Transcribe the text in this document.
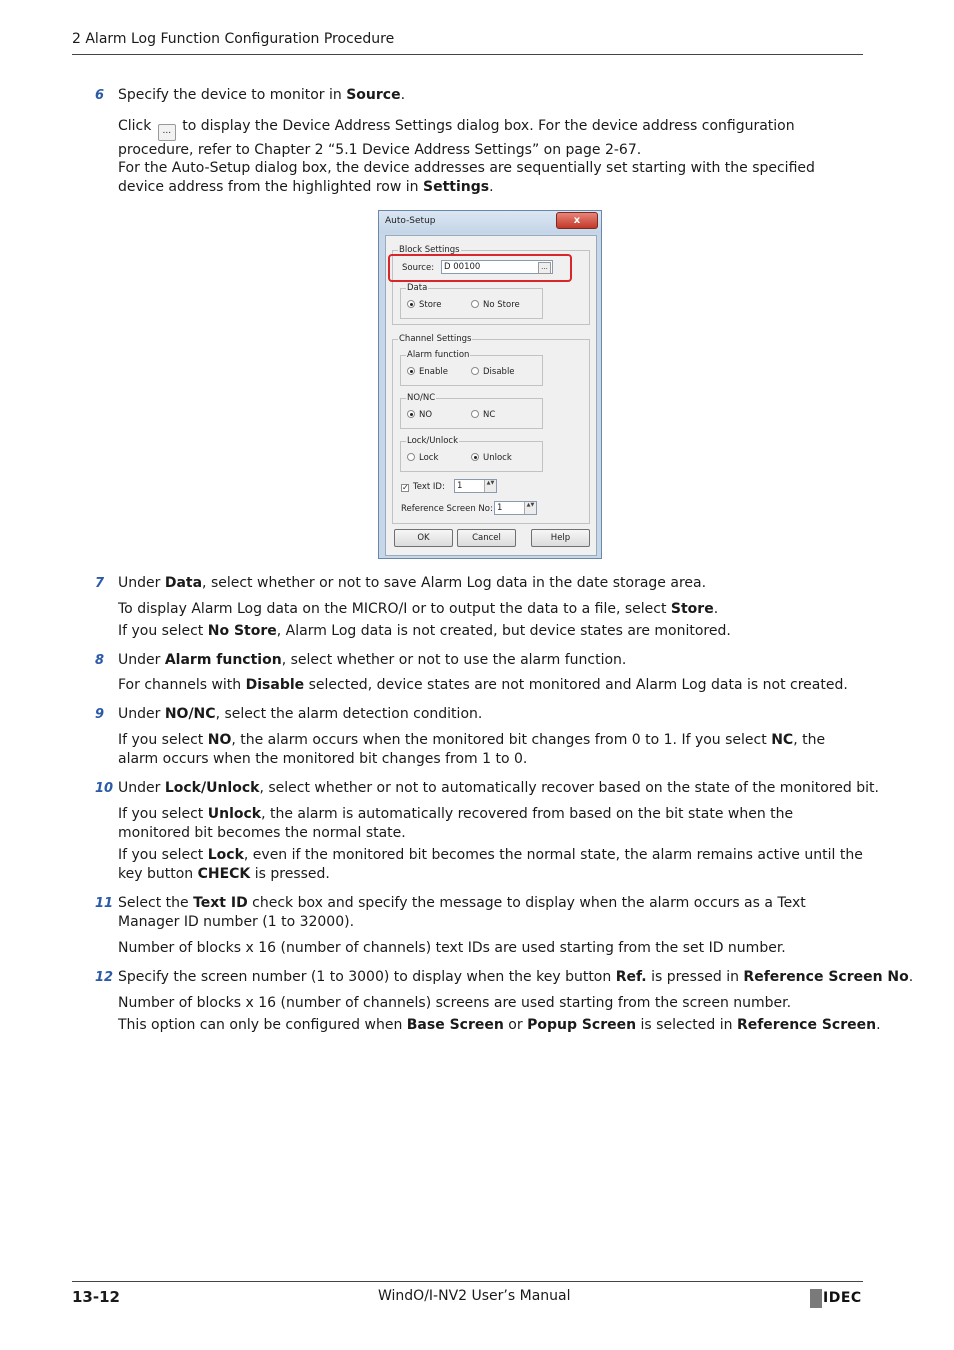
2 Alarm Log Function Configuration Procedure
13-12	WindO/I-NV2 User’s Manual	IDEC
6 Specify the device to monitor in Source.
Click ... to display the Device Address Settings dialog box. For the device address configuration procedure, refer to Chapter 2 “5.1 Device Address Settings” on page 2-67.
For the Auto-Setup dialog box, the device addresses are sequentially set starting with the specified device address from the highlighted row in Settings.
Auto-Setup	x
Block Settings
Source:	D 00100	...
Data
Store	No Store
Channel Settings
Alarm function
Enable	Disable
NO/NC
NO	NC
Lock/Unlock
Lock	Unlock
✓ Text ID:	1	▲▼
Reference Screen No: 1	▲▼
OK	Cancel	Help
7 Under Data, select whether or not to save Alarm Log data in the date storage area.
To display Alarm Log data on the MICRO/I or to output the data to a file, select Store.
If you select No Store, Alarm Log data is not created, but device states are monitored.
8 Under Alarm function, select whether or not to use the alarm function.
For channels with Disable selected, device states are not monitored and Alarm Log data is not created.
9 Under NO/NC, select the alarm detection condition.
If you select NO, the alarm occurs when the monitored bit changes from 0 to 1. If you select NC, the alarm occurs when the monitored bit changes from 1 to 0.
10 Under Lock/Unlock, select whether or not to automatically recover based on the state of the monitored bit.
If you select Unlock, the alarm is automatically recovered from based on the bit state when the monitored bit becomes the normal state.
If you select Lock, even if the monitored bit becomes the normal state, the alarm remains active until the key button CHECK is pressed.
11 Select the Text ID check box and specify the message to display when the alarm occurs as a Text Manager ID number (1 to 32000).
Number of blocks x 16 (number of channels) text IDs are used starting from the set ID number.
12 Specify the screen number (1 to 3000) to display when the key button Ref. is pressed in Reference Screen No.
Number of blocks x 16 (number of channels) screens are used starting from the screen number.
This option can only be configured when Base Screen or Popup Screen is selected in Reference Screen.
